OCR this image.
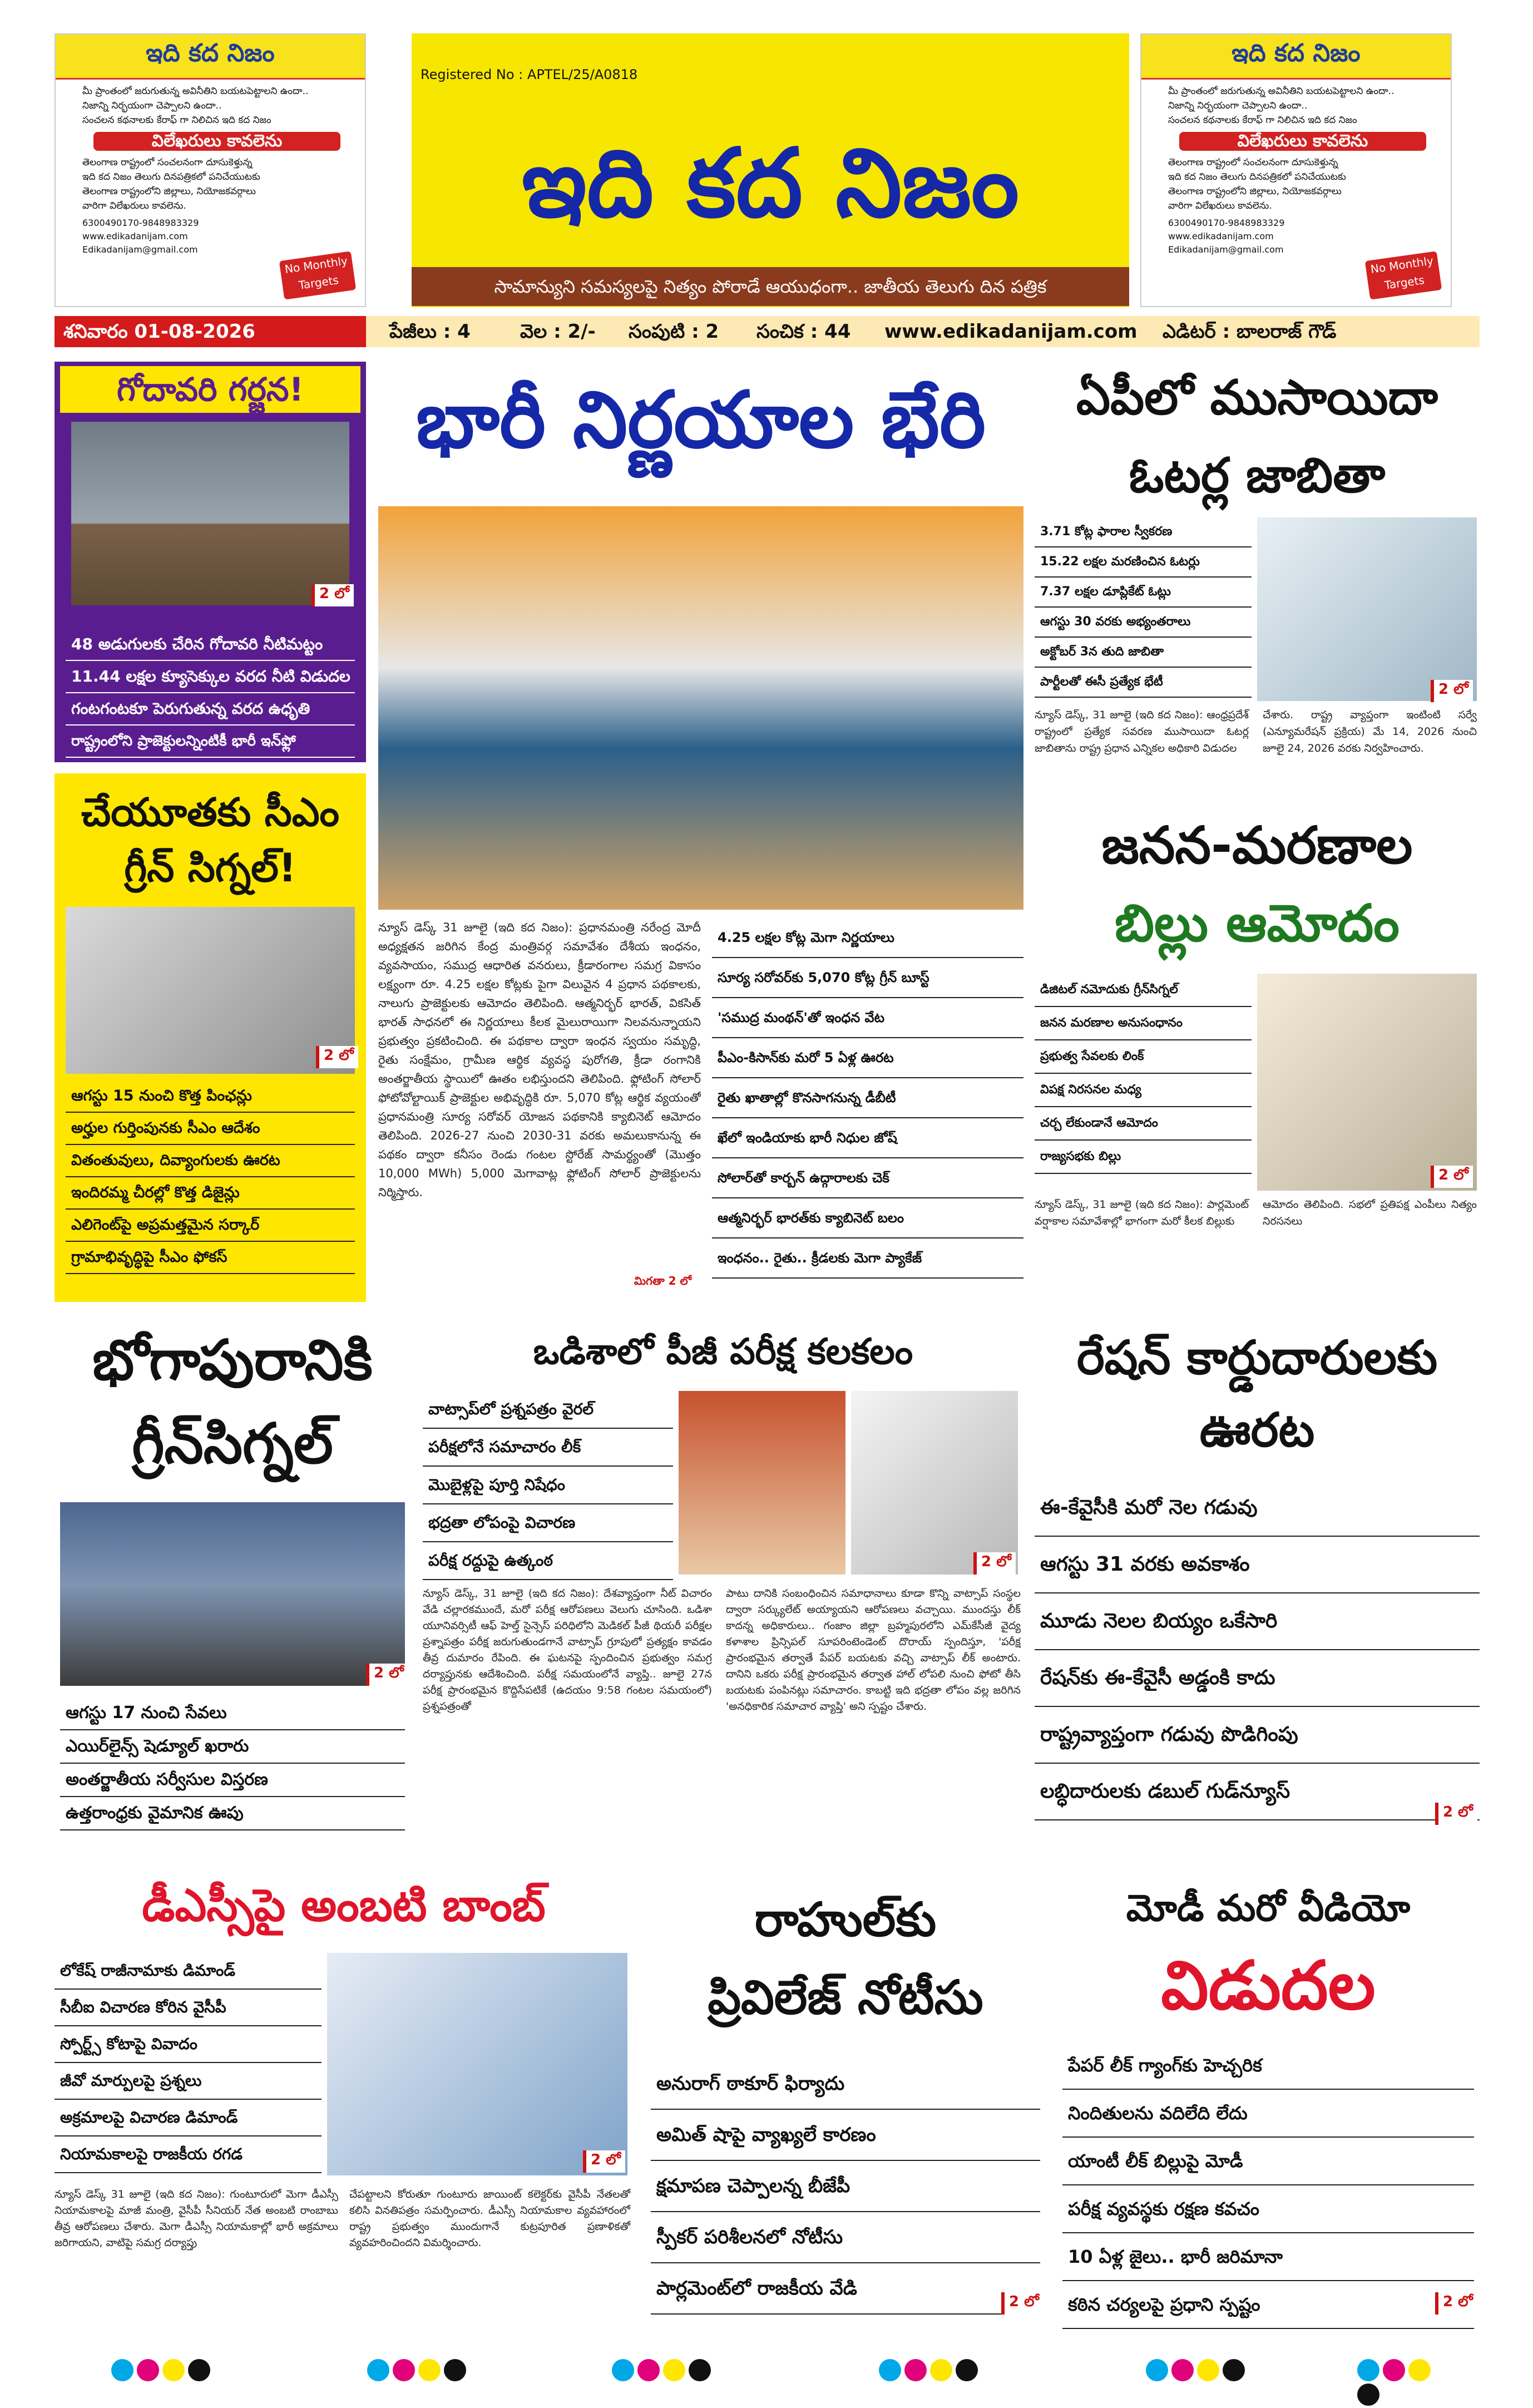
ఇది కద నిజం
మీ ప్రాంతంలో జరుగుతున్న అవినీతిని బయటపెట్టాలని ఉందా..
నిజాన్ని నిర్భయంగా చెప్పాలని ఉందా..
సంచలన కథనాలకు కేరాఫ్ గా నిలిచిన ఇది కద నిజం
విలేఖరులు కావలెను
తెలంగాణ రాష్ట్రంలో సంచలనంగా దూసుకెళ్తున్న
ఇది కద నిజం తెలుగు దినపత్రికలో పనిచేయుటకు
తెలంగాణ రాష్ట్రంలోని జిల్లాలు, నియోజకవర్గాలు
వారిగా విలేఖరులు కావలెను.
6300490170-9848983329
www.edikadanijam.com
Edikadanijam@gmail.com
No Monthly Targets
ఇది కద నిజం
మీ ప్రాంతంలో జరుగుతున్న అవినీతిని బయటపెట్టాలని ఉందా..
నిజాన్ని నిర్భయంగా చెప్పాలని ఉందా..
సంచలన కథనాలకు కేరాఫ్ గా నిలిచిన ఇది కద నిజం
విలేఖరులు కావలెను
తెలంగాణ రాష్ట్రంలో సంచలనంగా దూసుకెళ్తున్న
ఇది కద నిజం తెలుగు దినపత్రికలో పనిచేయుటకు
తెలంగాణ రాష్ట్రంలోని జిల్లాలు, నియోజకవర్గాలు
వారిగా విలేఖరులు కావలెను.
6300490170-9848983329
www.edikadanijam.com
Edikadanijam@gmail.com
No Monthly Targets
Registered No : APTEL/25/A0818
ఇది కద నిజం
సామాన్యుని సమస్యలపై నిత్యం పోరాడే ఆయుధంగా.. జాతీయ తెలుగు దిన పత్రిక
శనివారం 01-08-2026	పేజీలు : 4	వెల : 2/- సంపుటి : 2 సంచిక : 44 www.edikadanijam.com ఎడిటర్ : బాలరాజ్ గౌడ్
గోదావరి గర్జన!
2 లో
48 అడుగులకు చేరిన గోదావరి నీటిమట్టం
11.44 లక్షల క్యూసెక్కుల వరద నీటి విడుదల
గంటగంటకూ పెరుగుతున్న వరద ఉధృతి
రాష్ట్రంలోని ప్రాజెక్టులన్నింటికీ భారీ ఇన్‌ఫ్లో
చేయూతకు సీఎం
గ్రీన్ సిగ్నల్!
2 లో
ఆగస్టు 15 నుంచి కొత్త పింఛన్లు
అర్హుల గుర్తింపునకు సీఎం ఆదేశం
వితంతువులు, దివ్యాంగులకు ఊరట
ఇందిరమ్మ చీరల్లో కొత్త డిజైన్లు
ఎలిగెంట్‌పై అప్రమత్తమైన సర్కార్
గ్రామాభివృద్ధిపై సీఎం ఫోకస్
భారీ నిర్ణయాల భేరి
న్యూస్ డెస్క్ 31 జూలై (ఇది కద నిజం): ప్రధానమంత్రి నరేంద్ర మోదీ అధ్యక్షతన జరిగిన కేంద్ర మంత్రివర్గ సమావేశం దేశీయ ఇంధనం, వ్యవసాయం, సముద్ర ఆధారిత వనరులు, క్రీడారంగాల సమగ్ర వికాసం లక్ష్యంగా రూ. 4.25 లక్షల కోట్లకు పైగా విలువైన 4 ప్రధాన పథకాలకు, నాలుగు ప్రాజెక్టులకు ఆమోదం తెలిపింది. ఆత్మనిర్భర్ భారత్, వికసిత్ భారత్ సాధనలో ఈ నిర్ణయాలు కీలక మైలురాయిగా నిలవనున్నాయని ప్రభుత్వం ప్రకటించింది. ఈ పథకాల ద్వారా ఇంధన స్వయం సమృద్ధి, రైతు సంక్షేమం, గ్రామీణ ఆర్థిక వ్యవస్థ పురోగతి, క్రీడా రంగానికి అంతర్జాతీయ స్థాయిలో ఊతం లభిస్తుందని తెలిపింది. ఫ్లోటింగ్ సోలార్ ఫోటోవోల్టాయిక్ ప్రాజెక్టుల అభివృద్ధికి రూ. 5,070 కోట్ల ఆర్థిక వ్యయంతో ప్రధానమంత్రి సూర్య సరోవర్ యోజన పథకానికి క్యాబినెట్ ఆమోదం తెలిపింది. 2026-27 నుంచి 2030-31 వరకు అమలుకానున్న ఈ పథకం ద్వారా కనీసం రెండు గంటల స్టోరేజ్ సామర్థ్యంతో (మొత్తం 10,000 MWh) 5,000 మెగావాట్ల ఫ్లోటింగ్ సోలార్ ప్రాజెక్టులను నిర్మిస్తారు.
మిగతా 2 లో
4.25 లక్షల కోట్ల మెగా నిర్ణయాలు
సూర్య సరోవర్‌కు 5,070 కోట్ల గ్రీన్ బూస్ట్
'సముద్ర మంథన్'తో ఇంధన వేట
పీఎం-కిసాన్‌కు మరో 5 ఏళ్ల ఊరట
రైతు ఖాతాల్లో కొనసాగనున్న డీబీటీ
ఖేలో ఇండియాకు భారీ నిధుల జోష్
సోలార్‌తో కార్బన్ ఉద్గారాలకు చెక్
ఆత్మనిర్భర్ భారత్‌కు క్యాబినెట్ బలం
ఇంధనం.. రైతు.. క్రీడలకు మెగా ప్యాకేజ్
ఏపీలో ముసాయిదా
ఓటర్ల జాబితా
3.71 కోట్ల ఫారాల స్వీకరణ
15.22 లక్షల మరణించిన ఓటర్లు
7.37 లక్షల డూప్లికేట్ ఓట్లు
ఆగస్టు 30 వరకు అభ్యంతరాలు
అక్టోబర్ 3న తుది జాబితా
పార్టీలతో ఈసీ ప్రత్యేక భేటీ	2 లో
న్యూస్ డెస్క్, 31 జూలై (ఇది కద నిజం): ఆంధ్రప్రదేశ్ రాష్ట్రంలో ప్రత్యేక సవరణ ముసాయిదా ఓటర్ల జాబితాను రాష్ట్ర ప్రధాన ఎన్నికల అధికారి విడుదల
చేశారు. రాష్ట్ర వ్యాప్తంగా ఇంటింటి సర్వే (ఎన్యూమరేషన్ ప్రక్రియ) మే 14, 2026 నుంచి జూలై 24, 2026 వరకు నిర్వహించారు.
జనన-మరణాల
బిల్లు ఆమోదం
డిజిటల్ నమోదుకు గ్రీన్‌సిగ్నల్
జనన మరణాల అనుసంధానం
ప్రభుత్వ సేవలకు లింక్
విపక్ష నిరసనల మధ్య
చర్చ లేకుండానే ఆమోదం
రాజ్యసభకు బిల్లు
2 లో
న్యూస్ డెస్క్, 31 జూలై (ఇది కద నిజం): పార్లమెంట్ వర్షాకాల సమావేశాల్లో భాగంగా మరో కీలక బిల్లుకు
ఆమోదం తెలిపింది. సభలో ప్రతిపక్ష ఎంపీలు నిత్యం నిరసనలు
భోగాపురానికి
గ్రీన్‌సిగ్నల్
2 లో
ఆగస్టు 17 నుంచి సేవలు
ఎయిర్‌లైన్స్ షెడ్యూల్ ఖరారు
అంతర్జాతీయ సర్వీసుల విస్తరణ
ఉత్తరాంధ్రకు వైమానిక ఊపు
ఒడిశాలో పీజీ పరీక్ష కలకలం
వాట్సాప్‌లో ప్రశ్నపత్రం వైరల్
పరీక్షలోనే సమాచారం లీక్
మొబైళ్లపై పూర్తి నిషేధం
భద్రతా లోపంపై విచారణ
పరీక్ష రద్దుపై ఉత్కంఠ	2 లో
న్యూస్ డెస్క్, 31 జూలై (ఇది కద నిజం): దేశవ్యాప్తంగా నీట్ విచారం వేడి చల్లారకముందే, మరో పరీక్ష ఆరోపణలు వెలుగు చూసింది. ఒడిశా యూనివర్సిటీ ఆఫ్ హెల్త్ సైన్సెస్ పరిధిలోని మెడికల్ పీజీ థియరీ పరీక్షల ప్రశ్నాపత్రం పరీక్ష జరుగుతుండగానే వాట్సాప్ గ్రూపులో ప్రత్యక్షం కావడం తీవ్ర దుమారం రేపింది. ఈ ఘటనపై స్పందించిన ప్రభుత్వం సమగ్ర దర్యాప్తునకు ఆదేశించింది. పరీక్ష సమయంలోనే వ్యాప్తి.. జూలై 27న పరీక్ష ప్రారంభమైన కొద్దిసేపటికే (ఉదయం 9:58 గంటల సమయంలో) ప్రశ్నపత్రంతో
పాటు దానికి సంబంధించిన సమాధానాలు కూడా కొన్ని వాట్సాప్ సంస్థల ద్వారా సర్క్యులేట్ అయ్యాయని ఆరోపణలు వచ్చాయి. ముందస్తు లీక్ కాదన్న అధికారులు.. గంజాం జిల్లా బ్రహ్మపురలోని ఎమ్‌కేసీజీ వైద్య కళాశాల ప్రిన్సిపల్ సూపరింటెండెంట్ దొరాయ్ స్పందిస్తూ, 'పరీక్ష ప్రారంభమైన తర్వాతే పేపర్ బయటకు వచ్చి వాట్సాప్ లీక్ అంటారు. దానిని ఒకరు పరీక్ష ప్రారంభమైన తర్వాత హాల్ లోపలి నుంచి ఫోటో తీసి బయటకు పంపినట్లు సమాచారం. కాబట్టి ఇది భద్రతా లోపం వల్ల జరిగిన 'అనధికారిక సమాచార వ్యాప్తి' అని స్పష్టం చేశారు.
రేషన్ కార్డుదారులకు
ఊరట
ఈ-కేవైసీకి మరో నెల గడువు
ఆగస్టు 31 వరకు అవకాశం
మూడు నెలల బియ్యం ఒకేసారి
రేషన్‌కు ఈ-కేవైసీ అడ్డంకి కాదు
రాష్ట్రవ్యాప్తంగా గడువు పొడిగింపు
లబ్ధిదారులకు డబుల్ గుడ్‌న్యూస్
2 లో
డీఎస్సీపై అంబటి బాంబ్
లోకేష్ రాజీనామాకు డిమాండ్
సీబీఐ విచారణ కోరిన వైసీపీ
స్పోర్ట్స్ కోటాపై వివాదం
జీవో మార్పులపై ప్రశ్నలు
అక్రమాలపై విచారణ డిమాండ్
నియామకాలపై రాజకీయ రగడ	2 లో
న్యూస్ డెస్క్ 31 జూలై (ఇది కద నిజం): గుంటూరులో మెగా డీఎస్సీ నియామకాలపై మాజీ మంత్రి, వైసీపీ సీనియర్ నేత అంబటి రాంబాబు తీవ్ర ఆరోపణలు చేశారు. మెగా డీఎస్సీ నియామకాల్లో భారీ అక్రమాలు జరిగాయని, వాటిపై సమగ్ర దర్యాప్తు
చేపట్టాలని కోరుతూ గుంటూరు జాయింట్ కలెక్టర్‌కు వైసీపీ నేతలతో కలిసి వినతిపత్రం సమర్పించారు. డీఎస్సీ నియామకాల వ్యవహారంలో రాష్ట్ర ప్రభుత్వం ముందుగానే కుట్రపూరిత ప్రణాళికతో వ్యవహరించిందని విమర్శించారు.
రాహుల్‌కు
ప్రివిలేజ్ నోటీసు
అనురాగ్ ఠాకూర్ ఫిర్యాదు
అమిత్ షాపై వ్యాఖ్యలే కారణం
క్షమాపణ చెప్పాలన్న బీజేపీ
స్పీకర్ పరిశీలనలో నోటీసు
పార్లమెంట్‌లో రాజకీయ వేడి
2 లో
మోడీ మరో వీడియో
విడుదల
పేపర్ లీక్ గ్యాంగ్‌కు హెచ్చరిక
నిందితులను వదిలేది లేదు
యాంటీ లీక్ బిల్లుపై మోడీ
పరీక్ష వ్యవస్థకు రక్షణ కవచం
10 ఏళ్ల జైలు.. భారీ జరిమానా
కఠిన చర్యలపై ప్రధాని స్పష్టం	2 లో
